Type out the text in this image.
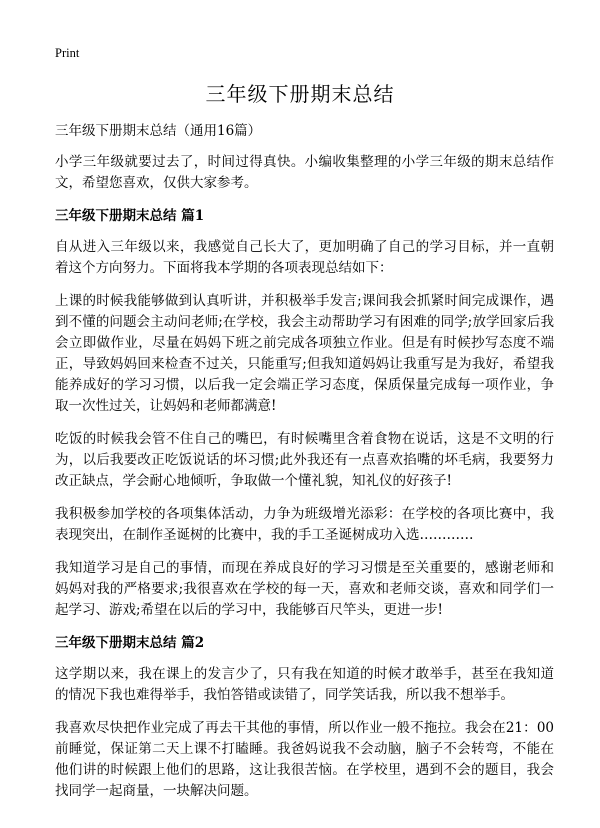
Print
三年级下册期末总结

三年级下册期末总结（通用16篇）

小学三年级就要过去了，时间过得真快。小编收集整理的小学三年级的期末总结作文，希望您喜欢，仅供大家参考。

三年级下册期末总结 篇1

自从进入三年级以来，我感觉自己长大了，更加明确了自己的学习目标，并一直朝着这个方向努力。下面将我本学期的各项表现总结如下：

上课的时候我能够做到认真听讲，并积极举手发言;课间我会抓紧时间完成课作，遇到不懂的问题会主动问老师;在学校，我会主动帮助学习有困难的同学;放学回家后我会立即做作业，尽量在妈妈下班之前完成各项独立作业。但是有时候抄写态度不端正，导致妈妈回来检查不过关，只能重写;但我知道妈妈让我重写是为我好，希望我能养成好的学习习惯，以后我一定会端正学习态度，保质保量完成每一项作业，争取一次性过关，让妈妈和老师都满意!

吃饭的时候我会管不住自己的嘴巴，有时候嘴里含着食物在说话，这是不文明的行为，以后我要改正吃饭说话的坏习惯;此外我还有一点喜欢掐嘴的坏毛病，我要努力改正缺点，学会耐心地倾听，争取做一个懂礼貌，知礼仪的好孩子!

我积极参加学校的各项集体活动，力争为班级增光添彩：在学校的各项比赛中，我表现突出，在制作圣诞树的比赛中，我的手工圣诞树成功入选…………

我知道学习是自己的事情，而现在养成良好的学习习惯是至关重要的，感谢老师和妈妈对我的严格要求;我很喜欢在学校的每一天，喜欢和老师交谈，喜欢和同学们一起学习、游戏;希望在以后的学习中，我能够百尺竿头，更进一步!

三年级下册期末总结 篇2

这学期以来，我在课上的发言少了，只有我在知道的时候才敢举手，甚至在我知道的情况下我也难得举手，我怕答错或读错了，同学笑话我，所以我不想举手。

我喜欢尽快把作业完成了再去干其他的事情，所以作业一般不拖拉。我会在21：00前睡觉，保证第二天上课不打瞌睡。我爸妈说我不会动脑，脑子不会转弯，不能在他们讲的时候跟上他们的思路，这让我很苦恼。在学校里，遇到不会的题目，我会找同学一起商量，一块解决问题。
